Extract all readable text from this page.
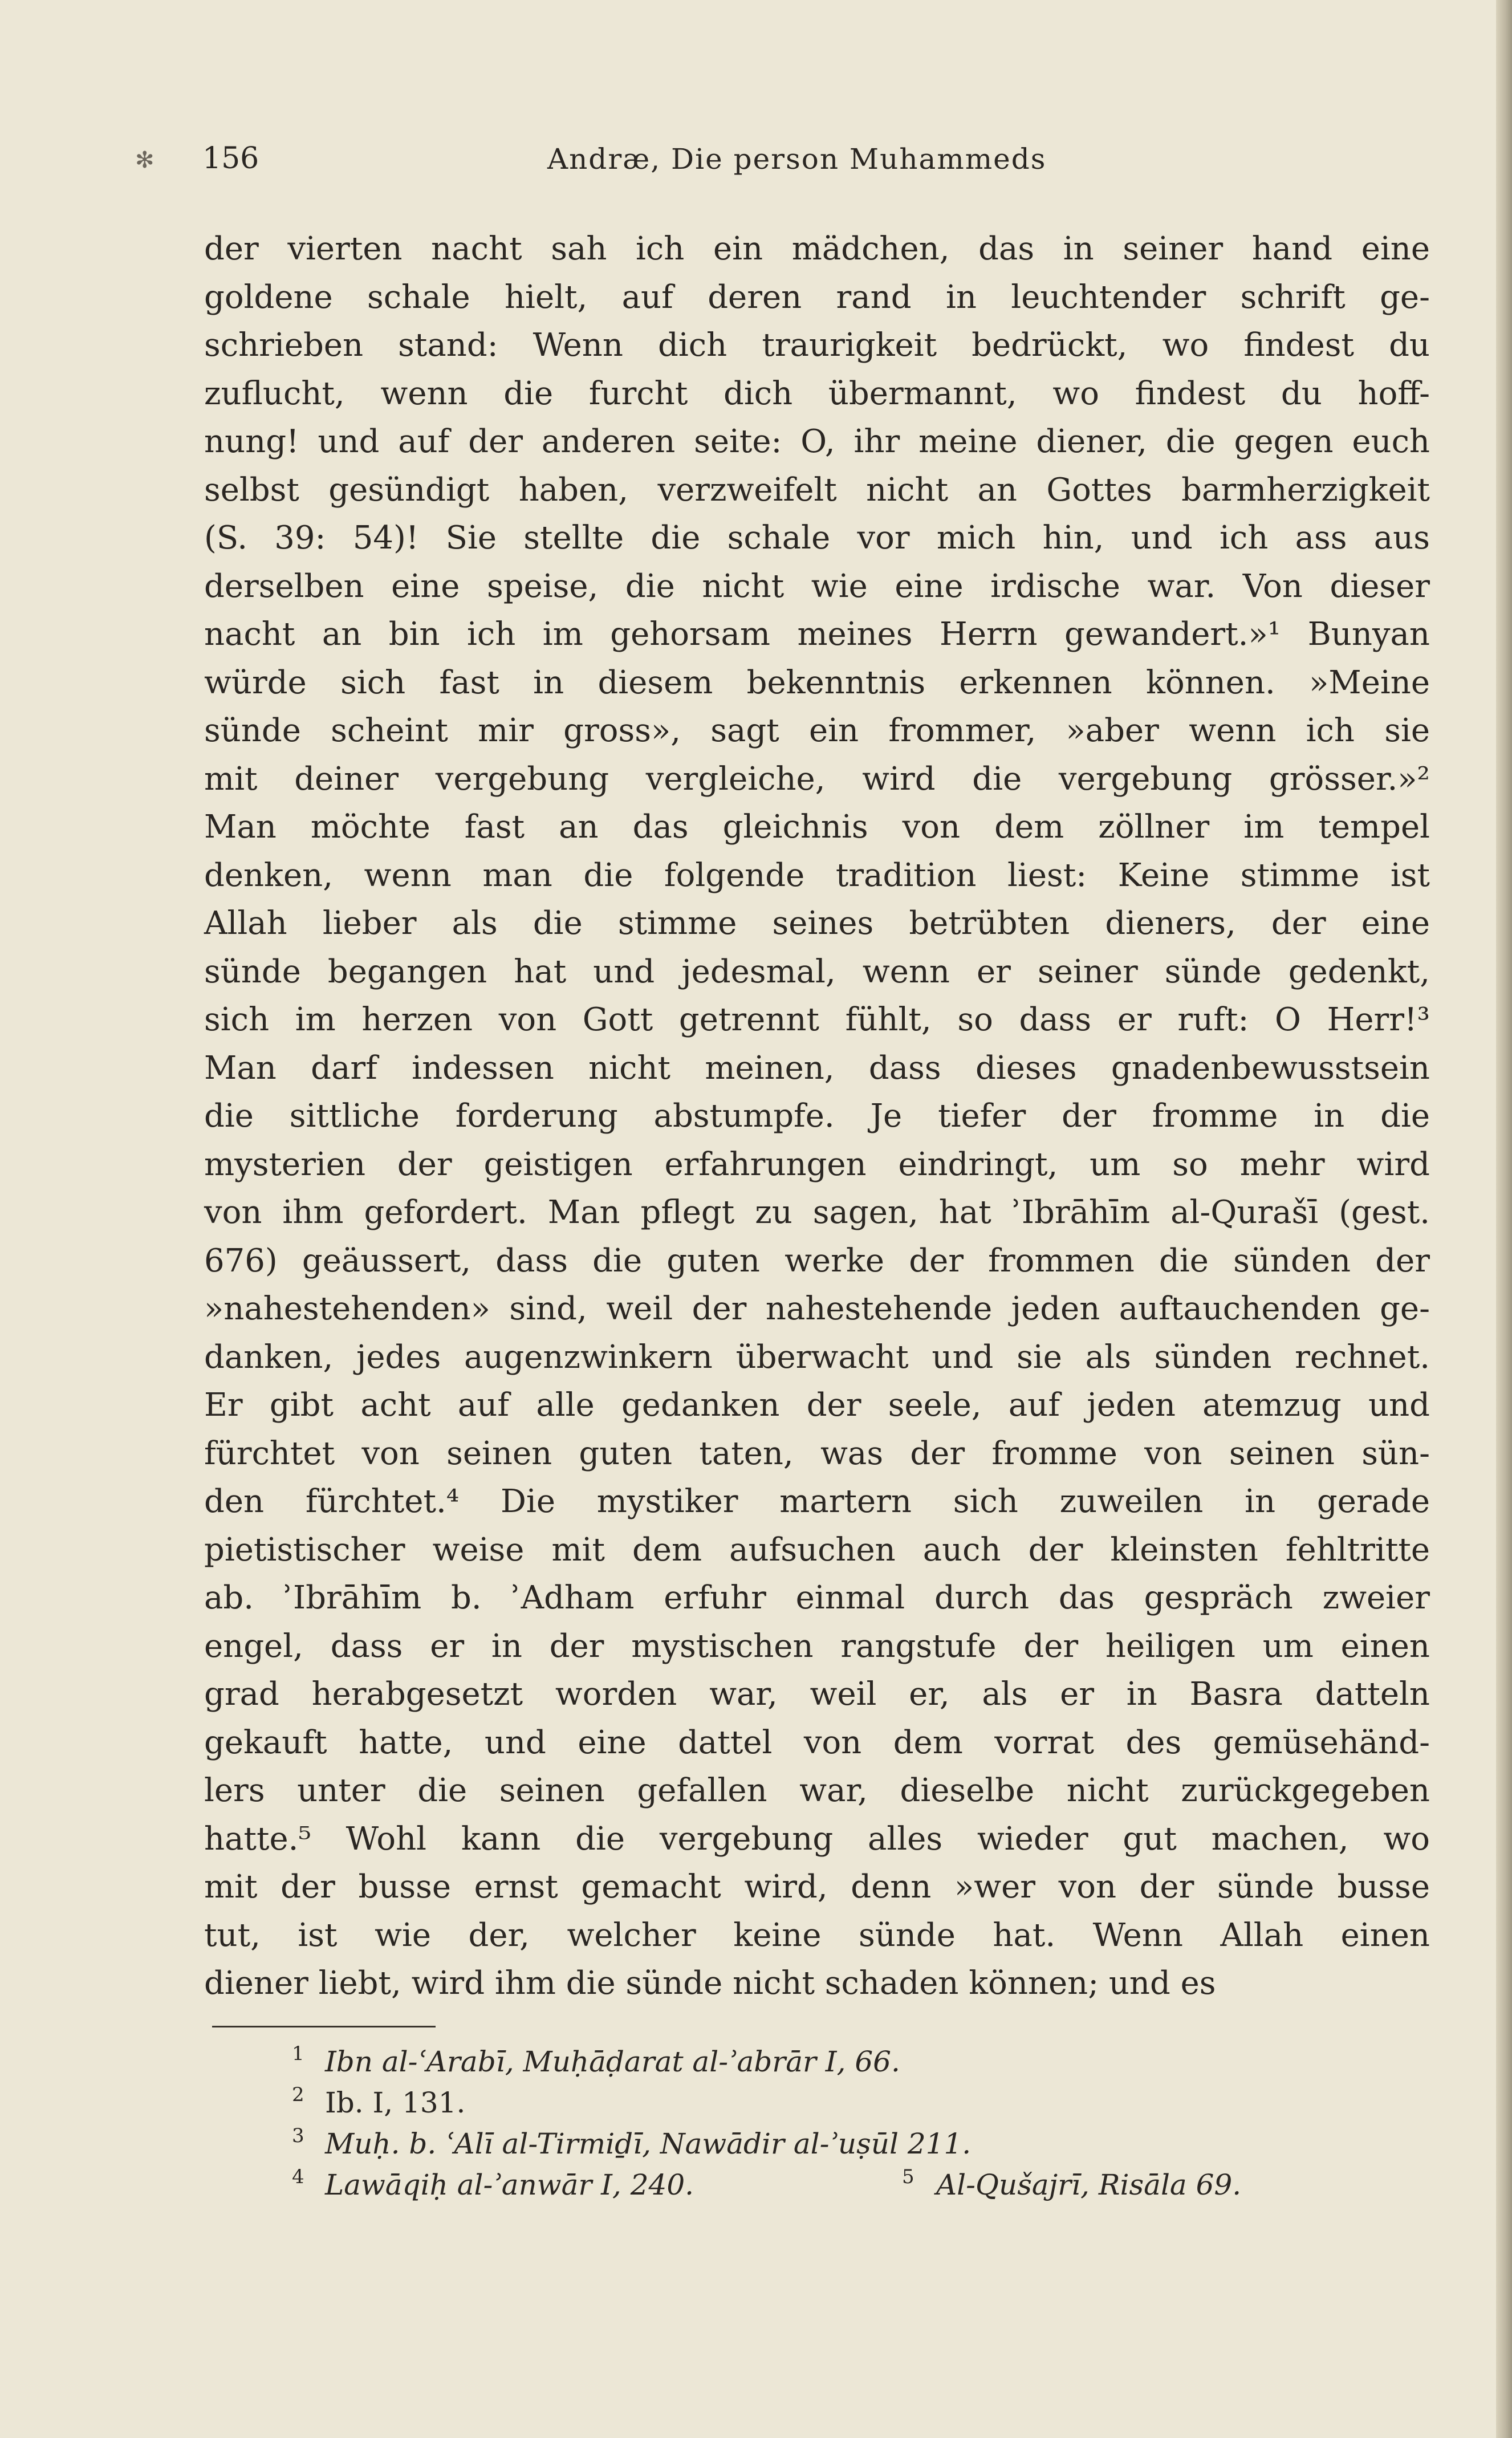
✻ 156	Andræ, Die person Muhammeds
der vierten nacht sah ich ein mädchen, das in seiner hand eine
goldene schale hielt, auf deren rand in leuchtender schrift ge-
schrieben stand: Wenn dich traurigkeit bedrückt, wo findest du
zuflucht, wenn die furcht dich übermannt, wo findest du hoff-
nung! und auf der anderen seite: O, ihr meine diener, die gegen euch
selbst gesündigt haben, verzweifelt nicht an Gottes barmherzigkeit
(S. 39: 54)! Sie stellte die schale vor mich hin, und ich ass aus
derselben eine speise, die nicht wie eine irdische war. Von dieser
nacht an bin ich im gehorsam meines Herrn gewandert.»¹ Bunyan
würde sich fast in diesem bekenntnis erkennen können. »Meine
sünde scheint mir gross», sagt ein frommer, »aber wenn ich sie
mit deiner vergebung vergleiche, wird die vergebung grösser.»²
Man möchte fast an das gleichnis von dem zöllner im tempel
denken, wenn man die folgende tradition liest: Keine stimme ist
Allah lieber als die stimme seines betrübten dieners, der eine
sünde begangen hat und jedesmal, wenn er seiner sünde gedenkt,
sich im herzen von Gott getrennt fühlt, so dass er ruft: O Herr!³
Man darf indessen nicht meinen, dass dieses gnadenbewusstsein
die sittliche forderung abstumpfe. Je tiefer der fromme in die
mysterien der geistigen erfahrungen eindringt, um so mehr wird
von ihm gefordert. Man pflegt zu sagen, hat ʾIbrāhīm al-Qurašī (gest.
676) geäussert, dass die guten werke der frommen die sünden der
»nahestehenden» sind, weil der nahestehende jeden auftauchenden ge-
danken, jedes augenzwinkern überwacht und sie als sünden rechnet.
Er gibt acht auf alle gedanken der seele, auf jeden atemzug und
fürchtet von seinen guten taten, was der fromme von seinen sün-
den fürchtet.⁴ Die mystiker martern sich zuweilen in gerade
pietistischer weise mit dem aufsuchen auch der kleinsten fehltritte
ab. ʾIbrāhīm b. ʾAdham erfuhr einmal durch das gespräch zweier
engel, dass er in der mystischen rangstufe der heiligen um einen
grad herabgesetzt worden war, weil er, als er in Basra datteln
gekauft hatte, und eine dattel von dem vorrat des gemüsehänd-
lers unter die seinen gefallen war, dieselbe nicht zurückgegeben
hatte.⁵ Wohl kann die vergebung alles wieder gut machen, wo
mit der busse ernst gemacht wird, denn »wer von der sünde busse
tut, ist wie der, welcher keine sünde hat. Wenn Allah einen
diener liebt, wird ihm die sünde nicht schaden können; und es
1 Ibn al-ʿArabī, Muḥāḍarat al-ʾabrār I, 66.
2 Ib. I, 131.
3 Muḥ. b. ʿAlī al-Tirmiḏī, Nawādir al-ʾuṣūl 211.
4 Lawāqiḥ al-ʾanwār I, 240.	5 Al-Qušajrī, Risāla 69.
